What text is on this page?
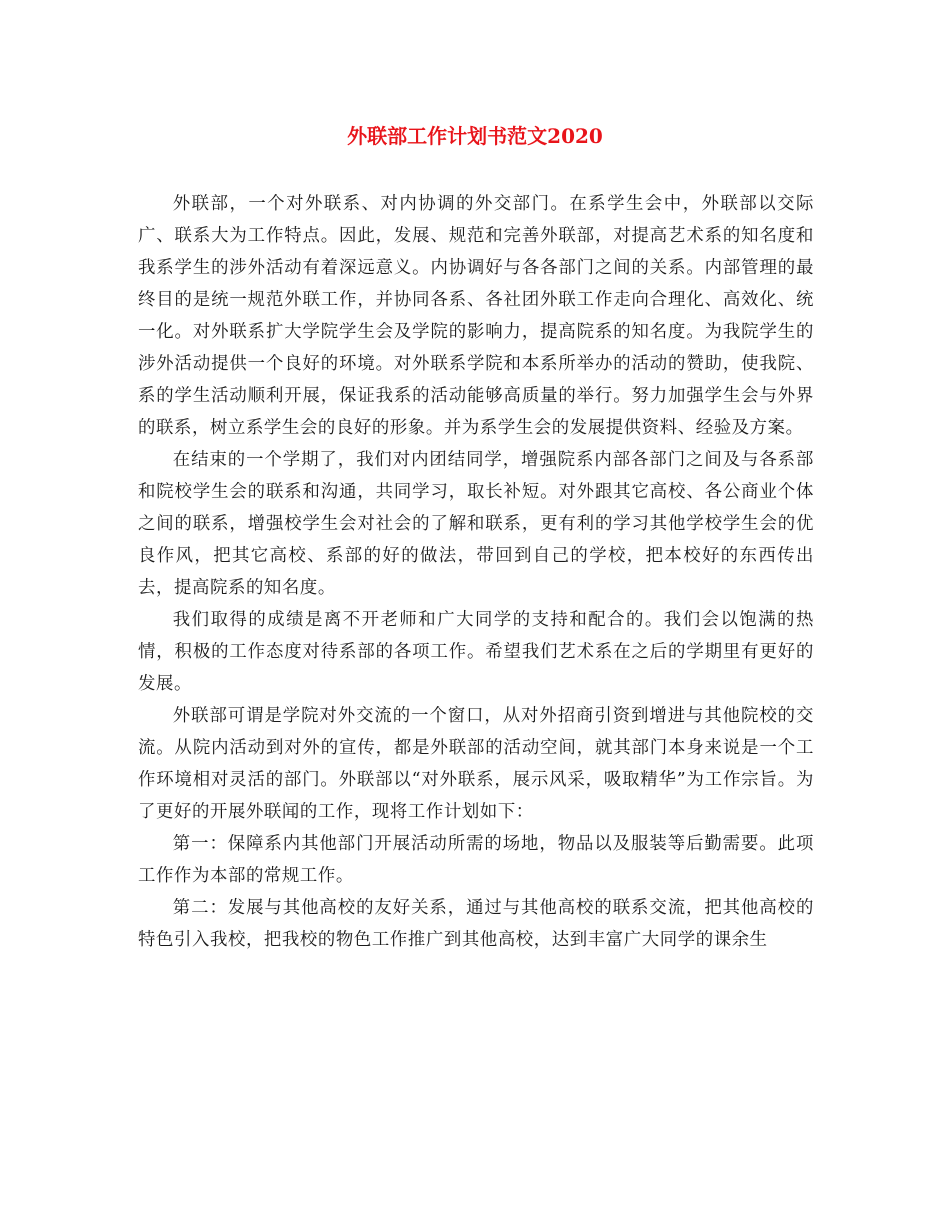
外联部工作计划书范文2020

外联部，一个对外联系、对内协调的外交部门。在系学生会中，外联部以交际广、联系大为工作特点。因此，发展、规范和完善外联部，对提高艺术系的知名度和我系学生的涉外活动有着深远意义。内协调好与各各部门之间的关系。内部管理的最终目的是统一规范外联工作，并协同各系、各社团外联工作走向合理化、高效化、统一化。对外联系扩大学院学生会及学院的影响力，提高院系的知名度。为我院学生的涉外活动提供一个良好的环境。对外联系学院和本系所举办的活动的赞助，使我院、系的学生活动顺利开展，保证我系的活动能够高质量的举行。努力加强学生会与外界的联系，树立系学生会的良好的形象。并为系学生会的发展提供资料、经验及方案。

在结束的一个学期了，我们对内团结同学，增强院系内部各部门之间及与各系部和院校学生会的联系和沟通，共同学习，取长补短。对外跟其它高校、各公商业个体之间的联系，增强校学生会对社会的了解和联系，更有利的学习其他学校学生会的优良作风，把其它高校、系部的好的做法，带回到自己的学校，把本校好的东西传出去，提高院系的知名度。

我们取得的成绩是离不开老师和广大同学的支持和配合的。我们会以饱满的热情，积极的工作态度对待系部的各项工作。希望我们艺术系在之后的学期里有更好的发展。

外联部可谓是学院对外交流的一个窗口，从对外招商引资到增进与其他院校的交流。从院内活动到对外的宣传，都是外联部的活动空间，就其部门本身来说是一个工作环境相对灵活的部门。外联部以“对外联系，展示风采，吸取精华”为工作宗旨。为了更好的开展外联闻的工作，现将工作计划如下：

第一：保障系内其他部门开展活动所需的场地，物品以及服装等后勤需要。此项工作作为本部的常规工作。

第二：发展与其他高校的友好关系，通过与其他高校的联系交流，把其他高校的特色引入我校，把我校的物色工作推广到其他高校，达到丰富广大同学的课余生
